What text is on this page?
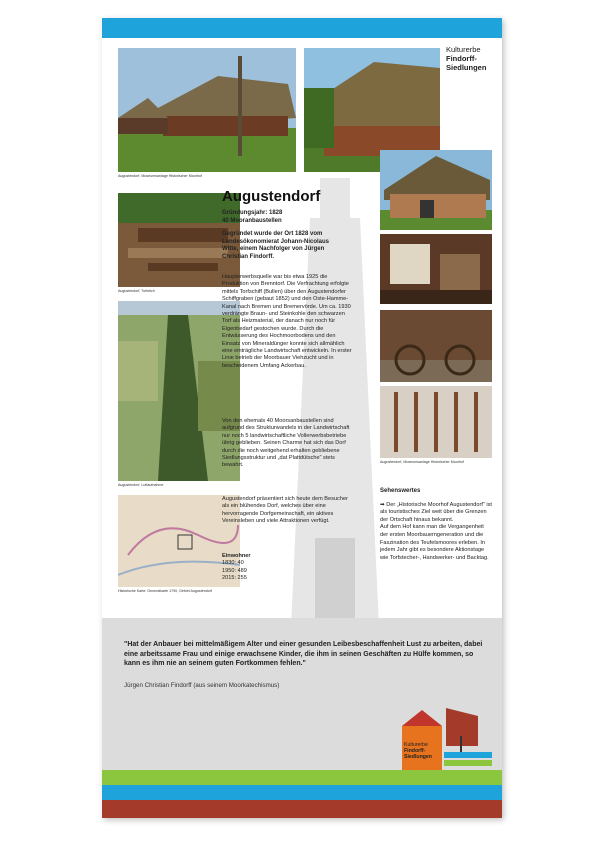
Augustendorf, Museumsanlage Historischer Moorhof
Kulturerbe
Findorff-
Siedlungen
Augustendorf, Torfstich
Augustendorf, Luftaufnahme
Augustendorf, Museumsanlage Historischer Moorhof
Historische Karte: Generalkarte 1790, Gebiet Augustendorf
Augustendorf
Gründungsjahr: 1828
40 Mooranbaustellen
Gegründet wurde der Ort 1828 vom Landesökonomierat Johann-Nicolaus Witte, einem Nachfolger von Jürgen Christian Findorff.

Haupterwerbsquelle war bis etwa 1925 die Produktion von Brenntorf. Die Verfrachtung erfolgte mittels Torfschiff (Bullen) über den Augustendorfer Schiffgraben (gebaut 1852) und den Oste-Hamme-Kanal nach Bremen und Bremervörde. Um ca. 1930 verdrängte Braun- und Steinkohle den schwarzen Torf als Heizmaterial, der danach nur noch für Eigenbedarf gestochen wurde. Durch die Entwässerung des Hochmoorbodens und den Einsatz von Mineraldünger konnte sich allmählich eine einträgliche Landwirtschaft entwickeln. In erster Linie betrieb der Moorbauer Viehzucht und in bescheidenem Umfang Ackerbau.

Von den ehemals 40 Moorsanbaustellen sind aufgrund des Strukturwandels in der Landwirtschaft nur noch 5 landwirtschaftliche Vollerwerbsbetriebe übrig geblieben. Seinen Charme hat sich das Dorf durch die noch weitgehend erhalten gebliebene Siedlungsstruktur und „dat Plattdütsche“ stets bewahrt.

Augustendorf präsentiert sich heute dem Besucher als ein blühendes Dorf, welches über eine hervorragende Dorfgemeinschaft, ein aktives Vereinsleben und viele Attraktionen verfügt.

Einwohner
1830: 40
1950: 489
2015: 255
Sehenswertes
➡ Der „Historische Moorhof Augustendorf“ ist als touristisches Ziel weit über die Grenzen der Ortschaft hinaus bekannt.
Auf dem Hof kann man die Vergangenheit der ersten Moorbauerngeneration und die Faszination des Teufelsmoores erleben. In jedem Jahr gibt es besondere Aktionstage wie Torfstecher-, Handwerker- und Backtag.
"Hat der Anbauer bei mittelmäßigem Alter und einer gesunden Leibesbeschaffenheit Lust zu arbeiten, dabei eine arbeitssame Frau und einige erwachsene Kinder, die ihm in seinen Geschäften zu Hülfe kommen, so kann es ihm nie an seinem guten Fortkommen fehlen."
Jürgen Christian Findorff (aus seinem Moorkatechismus)
Kulturerbe
Findorff-
Siedlungen
